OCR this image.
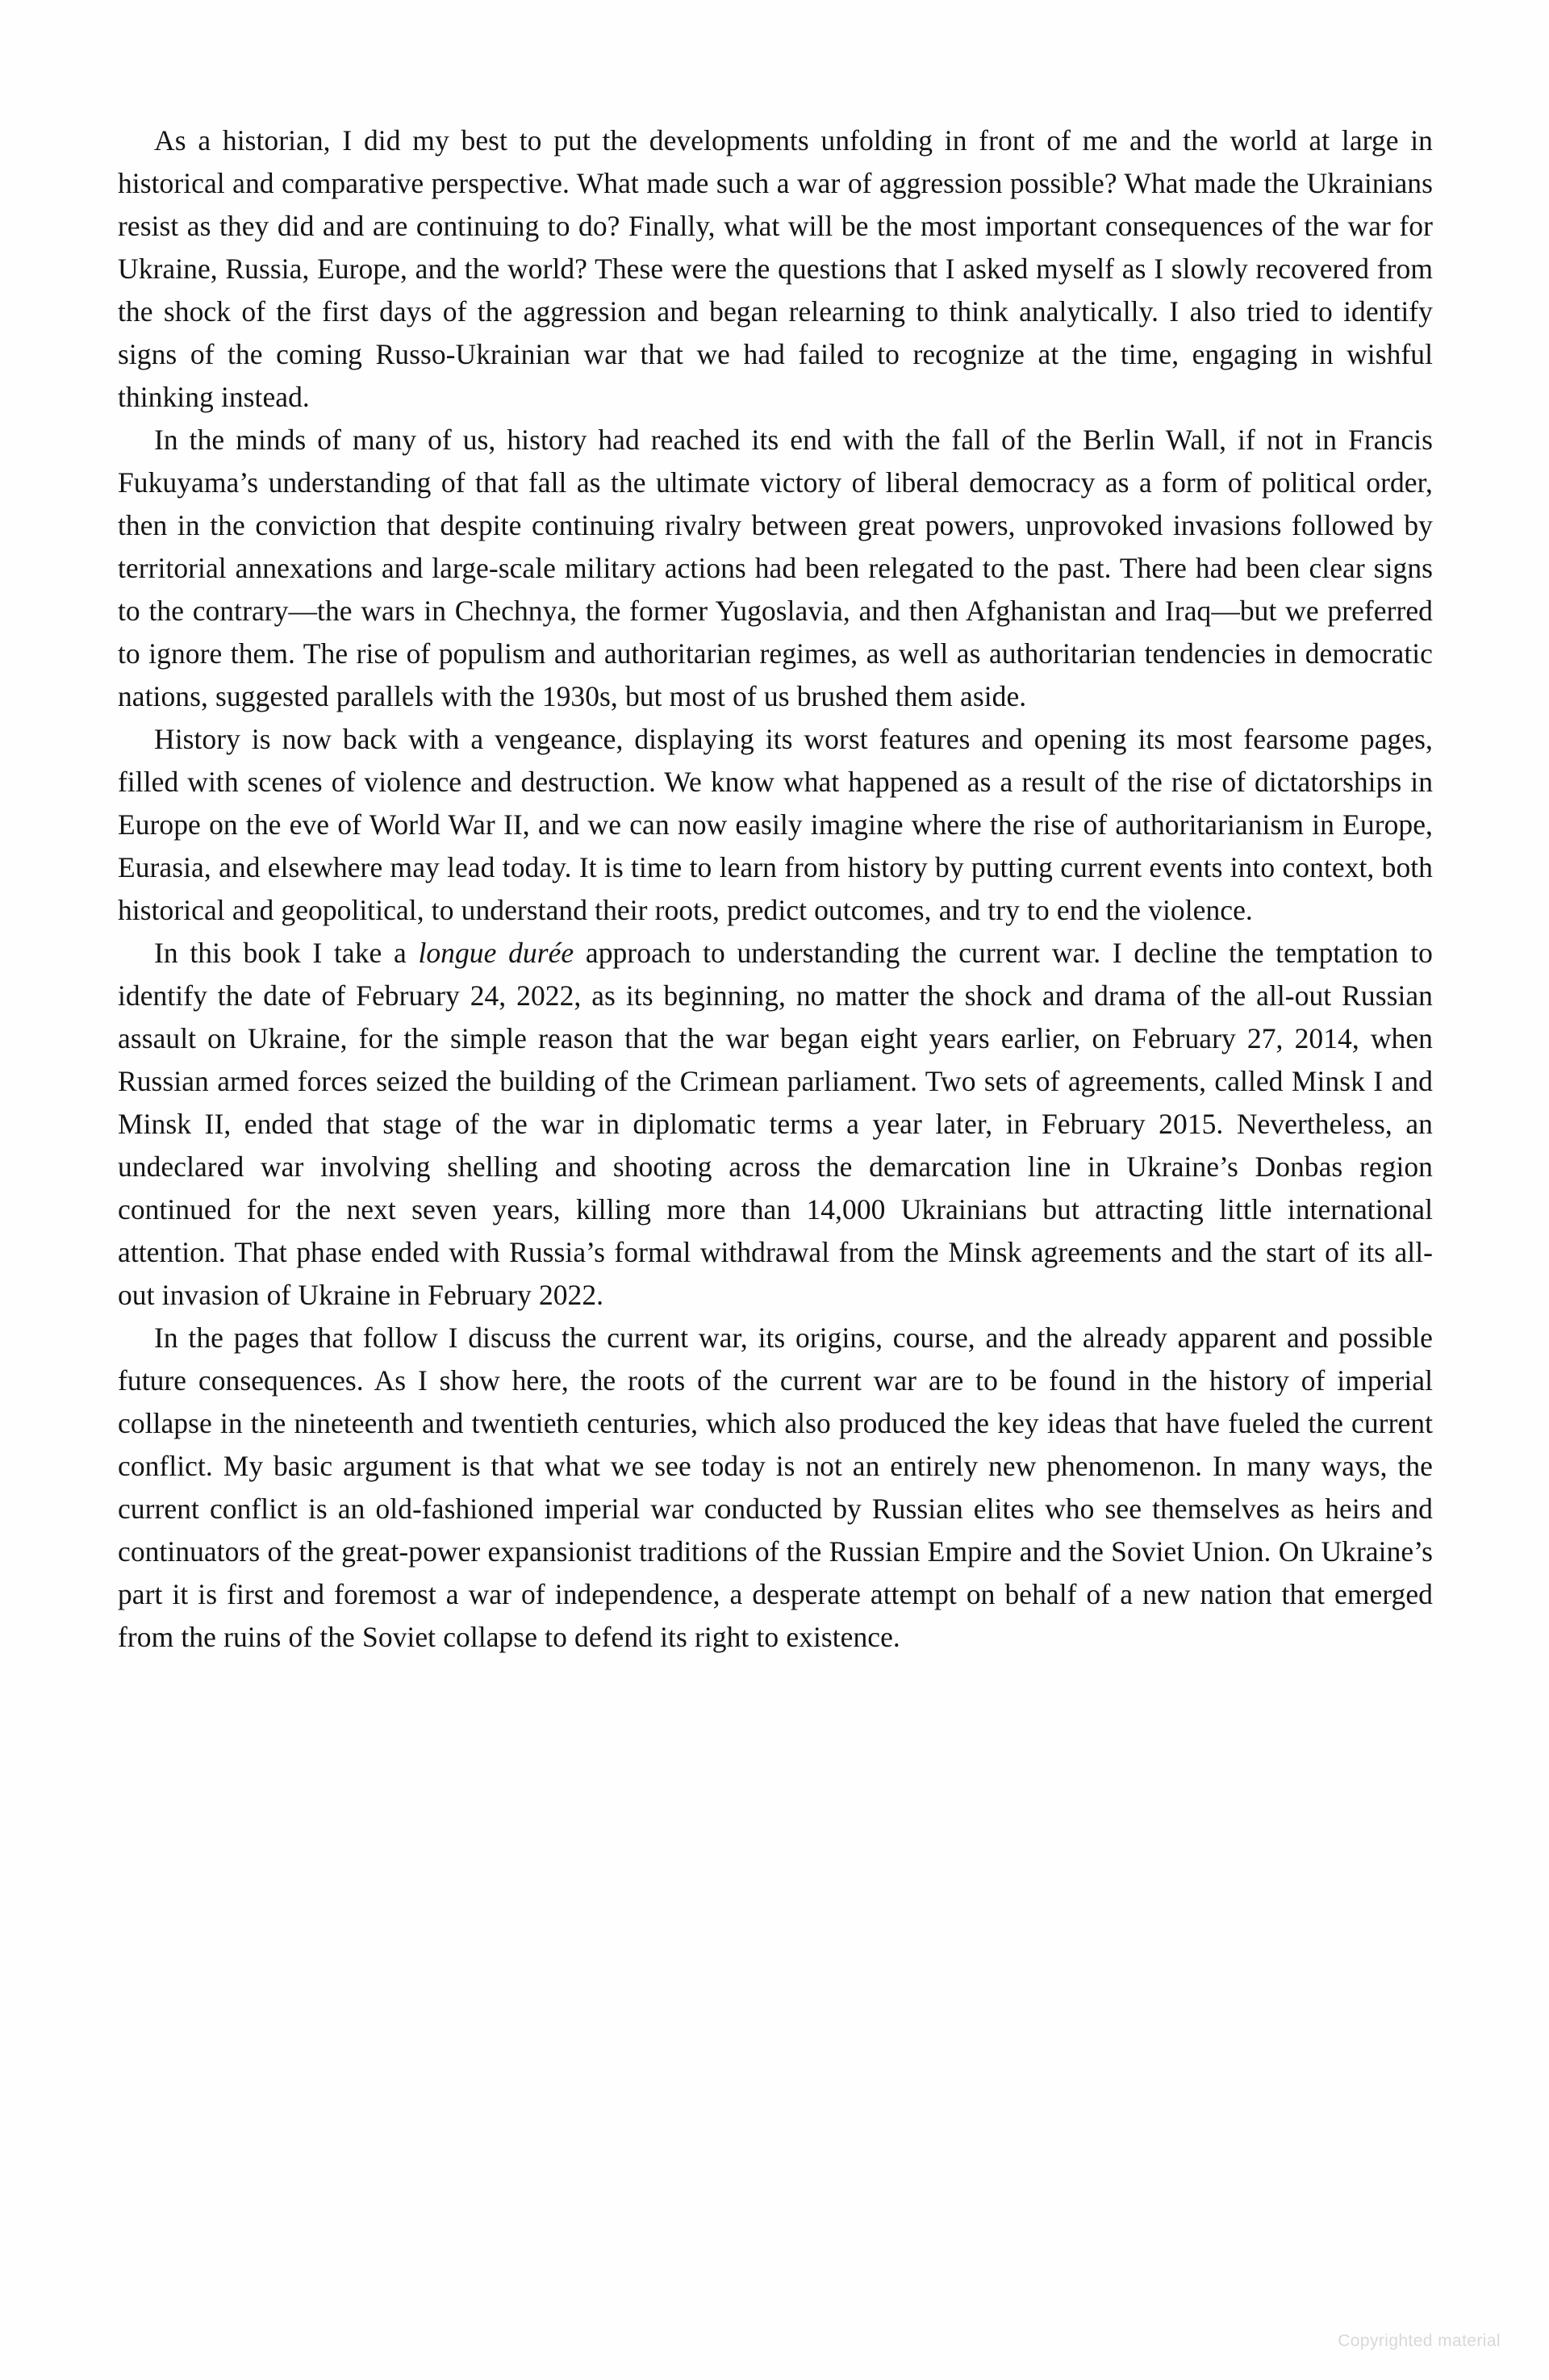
As a historian, I did my best to put the developments unfolding in front of me and the world at large in historical and comparative perspective. What made such a war of aggression possible? What made the Ukrainians resist as they did and are continuing to do? Finally, what will be the most important consequences of the war for Ukraine, Russia, Europe, and the world? These were the questions that I asked myself as I slowly recovered from the shock of the first days of the aggression and began relearning to think analytically. I also tried to identify signs of the coming Russo-Ukrainian war that we had failed to recognize at the time, engaging in wishful thinking instead.

In the minds of many of us, history had reached its end with the fall of the Berlin Wall, if not in Francis Fukuyama’s understanding of that fall as the ultimate victory of liberal democracy as a form of political order, then in the conviction that despite continuing rivalry between great powers, unprovoked invasions followed by territorial annexations and large-scale military actions had been relegated to the past. There had been clear signs to the contrary—the wars in Chechnya, the former Yugoslavia, and then Afghanistan and Iraq—but we preferred to ignore them. The rise of populism and authoritarian regimes, as well as authoritarian tendencies in democratic nations, suggested parallels with the 1930s, but most of us brushed them aside.

History is now back with a vengeance, displaying its worst features and opening its most fearsome pages, filled with scenes of violence and destruction. We know what happened as a result of the rise of dictatorships in Europe on the eve of World War II, and we can now easily imagine where the rise of authoritarianism in Europe, Eurasia, and elsewhere may lead today. It is time to learn from history by putting current events into context, both historical and geopolitical, to understand their roots, predict outcomes, and try to end the violence.

In this book I take a longue durée approach to understanding the current war. I decline the temptation to identify the date of February 24, 2022, as its beginning, no matter the shock and drama of the all-out Russian assault on Ukraine, for the simple reason that the war began eight years earlier, on February 27, 2014, when Russian armed forces seized the building of the Crimean parliament. Two sets of agreements, called Minsk I and Minsk II, ended that stage of the war in diplomatic terms a year later, in February 2015. Nevertheless, an undeclared war involving shelling and shooting across the demarcation line in Ukraine’s Donbas region continued for the next seven years, killing more than 14,000 Ukrainians but attracting little international attention. That phase ended with Russia’s formal withdrawal from the Minsk agreements and the start of its all-out invasion of Ukraine in February 2022.

In the pages that follow I discuss the current war, its origins, course, and the already apparent and possible future consequences. As I show here, the roots of the current war are to be found in the history of imperial collapse in the nineteenth and twentieth centuries, which also produced the key ideas that have fueled the current conflict. My basic argument is that what we see today is not an entirely new phenomenon. In many ways, the current conflict is an old-fashioned imperial war conducted by Russian elites who see themselves as heirs and continuators of the great-power expansionist traditions of the Russian Empire and the Soviet Union. On Ukraine’s part it is first and foremost a war of independence, a desperate attempt on behalf of a new nation that emerged from the ruins of the Soviet collapse to defend its right to existence.

Copyrighted material
